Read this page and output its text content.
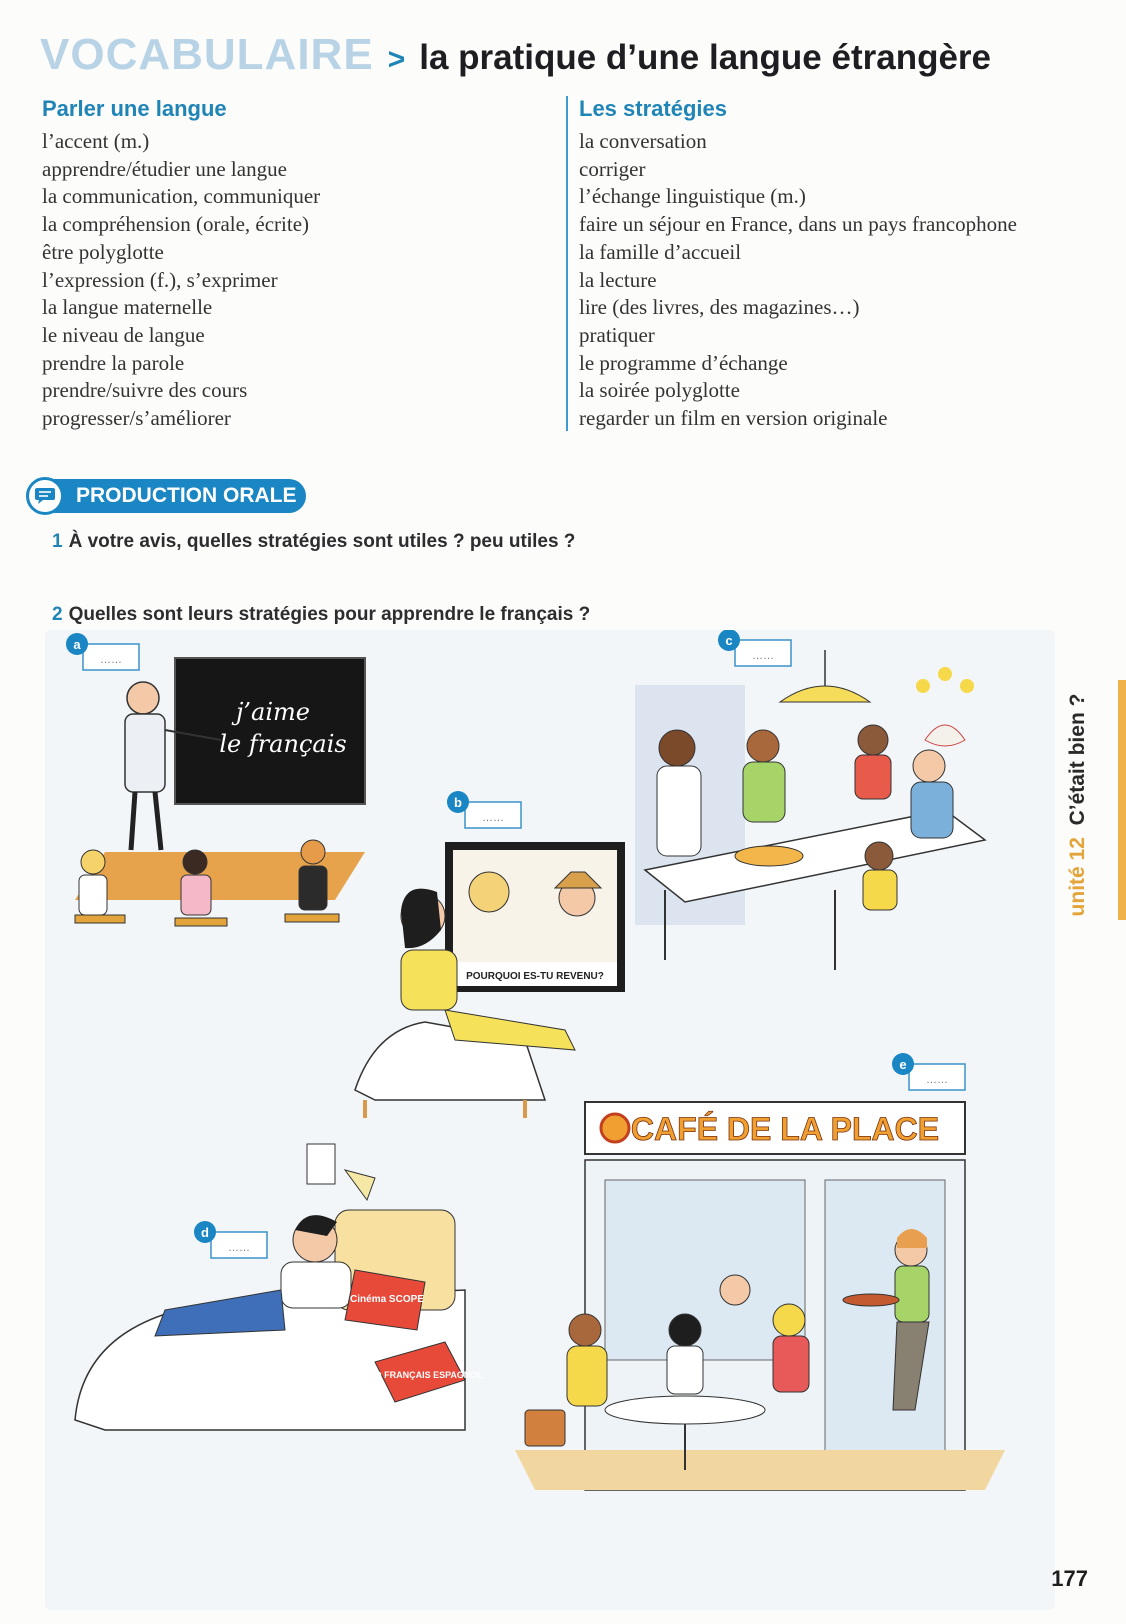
VOCABULAIRE > la pratique d’une langue étrangère
Parler une langue
l’accent (m.)
apprendre/étudier une langue
la communication, communiquer
la compréhension (orale, écrite)
être polyglotte
l’expression (f.), s’exprimer
la langue maternelle
le niveau de langue
prendre la parole
prendre/suivre des cours
progresser/s’améliorer
Les stratégies
la conversation
corriger
l’échange linguistique (m.)
faire un séjour en France, dans un pays francophone
la famille d’accueil
la lecture
lire (des livres, des magazines…)
pratiquer
le programme d’échange
la soirée polyglotte
regarder un film en version originale
PRODUCTION ORALE
1 À votre avis, quelles stratégies sont utiles ? peu utiles ?
2 Quelles sont leurs stratégies pour apprendre le français ?
a
……
j’aime
le français
b
……
POURQUOI ES-TU REVENU?
c
……
d
……
Cinéma SCOPE
DICO FRANÇAIS ESPAGNOL
e
……
CAFÉ DE LA PLACE
unité 12  C’était bien ?
177
